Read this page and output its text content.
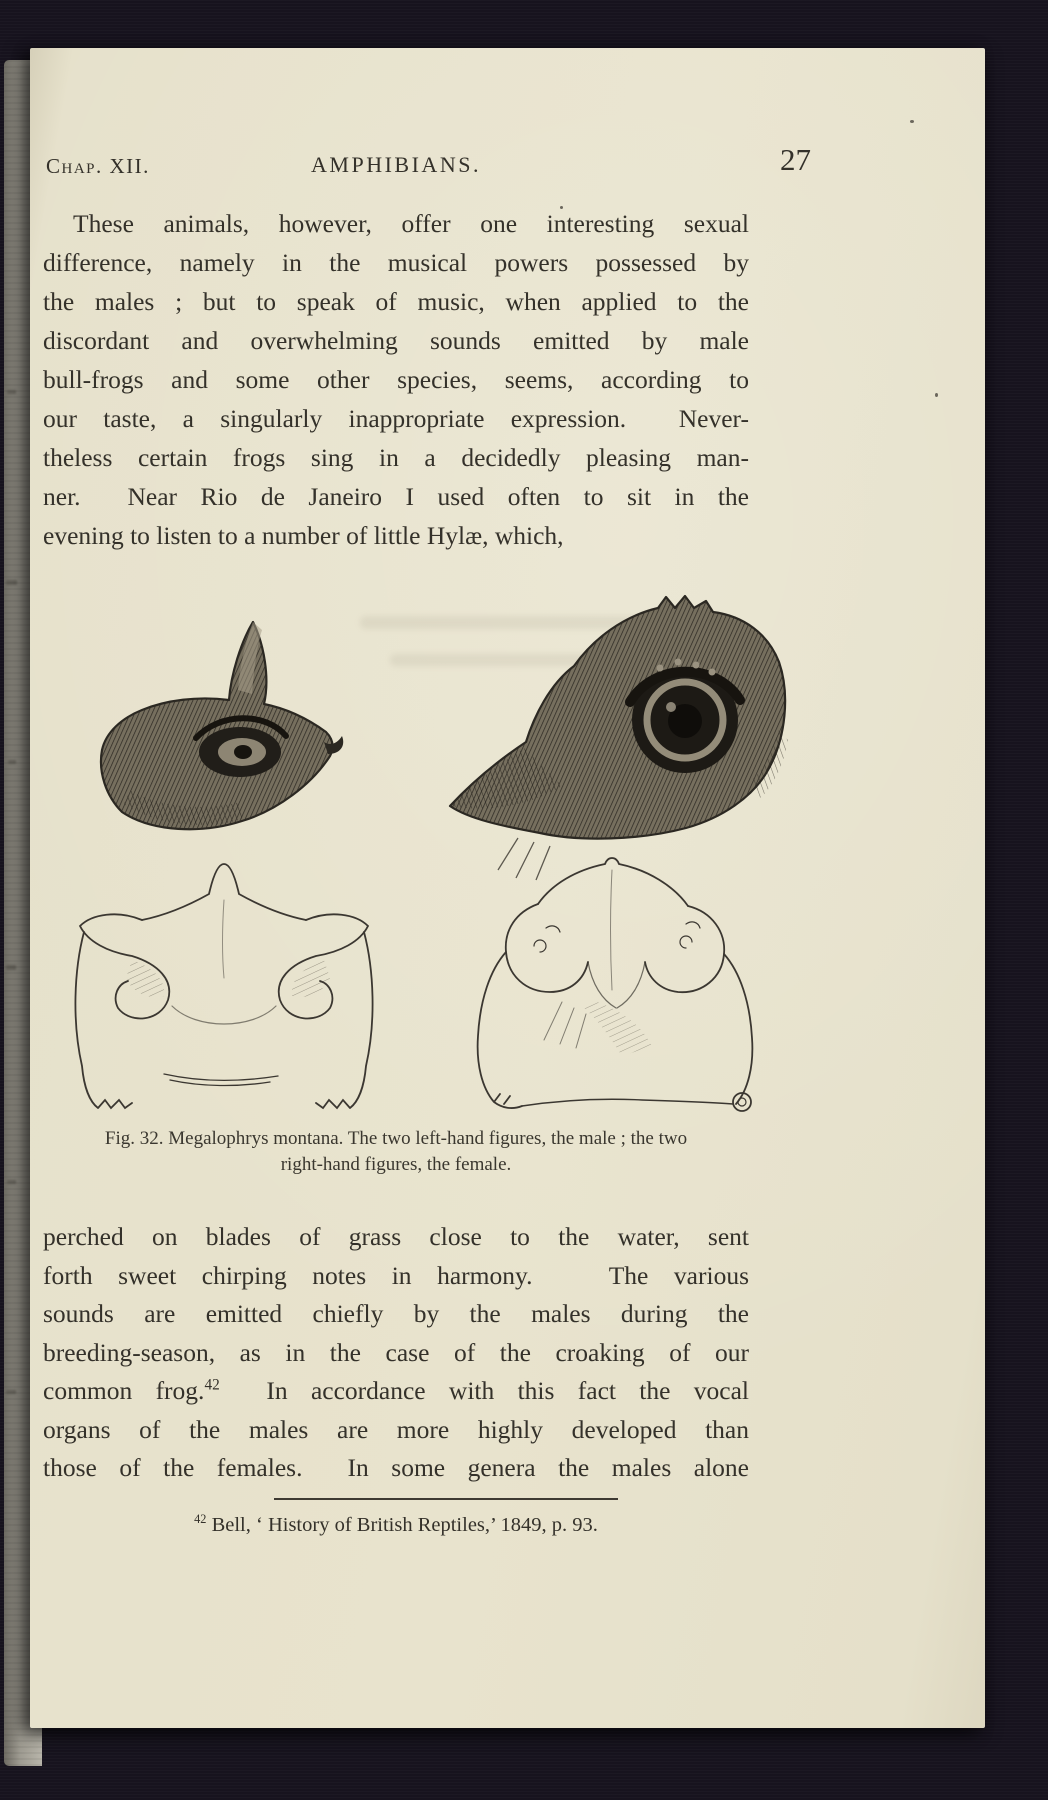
Chap. XII.	AMPHIBIANS.	27
These animals, however, offer one interesting sexual
difference, namely in the musical powers possessed by
the males ; but to speak of music, when applied to the
discordant and overwhelming sounds emitted by male
bull-frogs and some other species, seems, according to
our taste, a singularly inappropriate expression.  Never-
theless certain frogs sing in a decidedly pleasing man-
ner.  Near Rio de Janeiro I used often to sit in the
evening to listen to a number of little Hylæ, which,
Fig. 32. Megalophrys montana. The two left-hand figures, the male ; the two
right-hand figures, the female.
perched on blades of grass close to the water, sent
forth sweet chirping notes in harmony.   The various
sounds are emitted chiefly by the males during the
breeding-season, as in the case of the croaking of our
common frog.$^{42}$  In accordance with this fact the vocal
organs of the males are more highly developed than
those of the females.  In some genera the males alone
$^{42}$ Bell, ‘ History of British Reptiles,’ 1849, p. 93.
